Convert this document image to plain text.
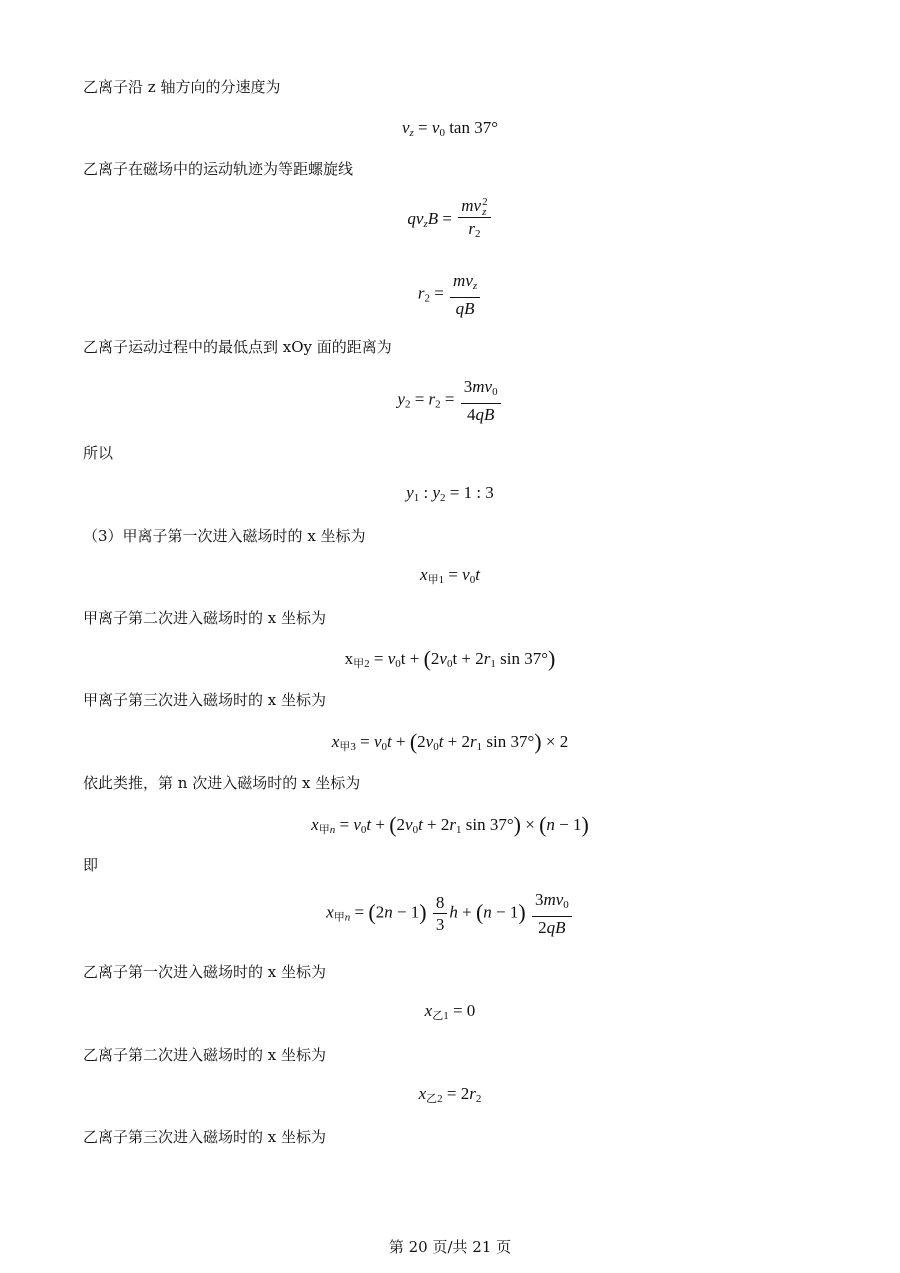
乙离子沿 z 轴方向的分速度为
$v_z = v_0$ tan 37°
乙离子在磁场中的运动轨迹为等距螺旋线
$qv_zB$ = mv 2
z
$r_2$
$r_2 = \frac{mv_z}{qB}$
乙离子运动过程中的最低点到 xOy 面的距离为
$y_2 = r_2 = \frac{3mv_0}{4qB}$
所以
$y_1$ : $y_2 = 1$ : 3
（3）甲离子第一次进入磁场时的 x 坐标为
$x_{甲1} = v_0t$
甲离子第二次进入磁场时的 x 坐标为
$x_{甲2} = v_0t + (2v_0t + 2r_1$ sin 37°)
甲离子第三次进入磁场时的 x 坐标为
$x_{甲3} = v_0t + (2v_0t + 2r_1$ sin 37°) × 2
依此类推，第 n 次进入磁场时的 x 坐标为
$x_{甲n} = v_0t + (2v_0t + 2r_1$ sin 37°) × (n − 1)
即
$x_{甲n} = (2n - 1) \frac{8}{3}$ $h + (n - 1) \frac{3mv_0}{2qB}$
乙离子第一次进入磁场时的 x 坐标为
$x_{乙1} = 0$
乙离子第二次进入磁场时的 x 坐标为
$x_{乙2} = 2r_2$
乙离子第三次进入磁场时的 x 坐标为
第 20 页/共 21 页
